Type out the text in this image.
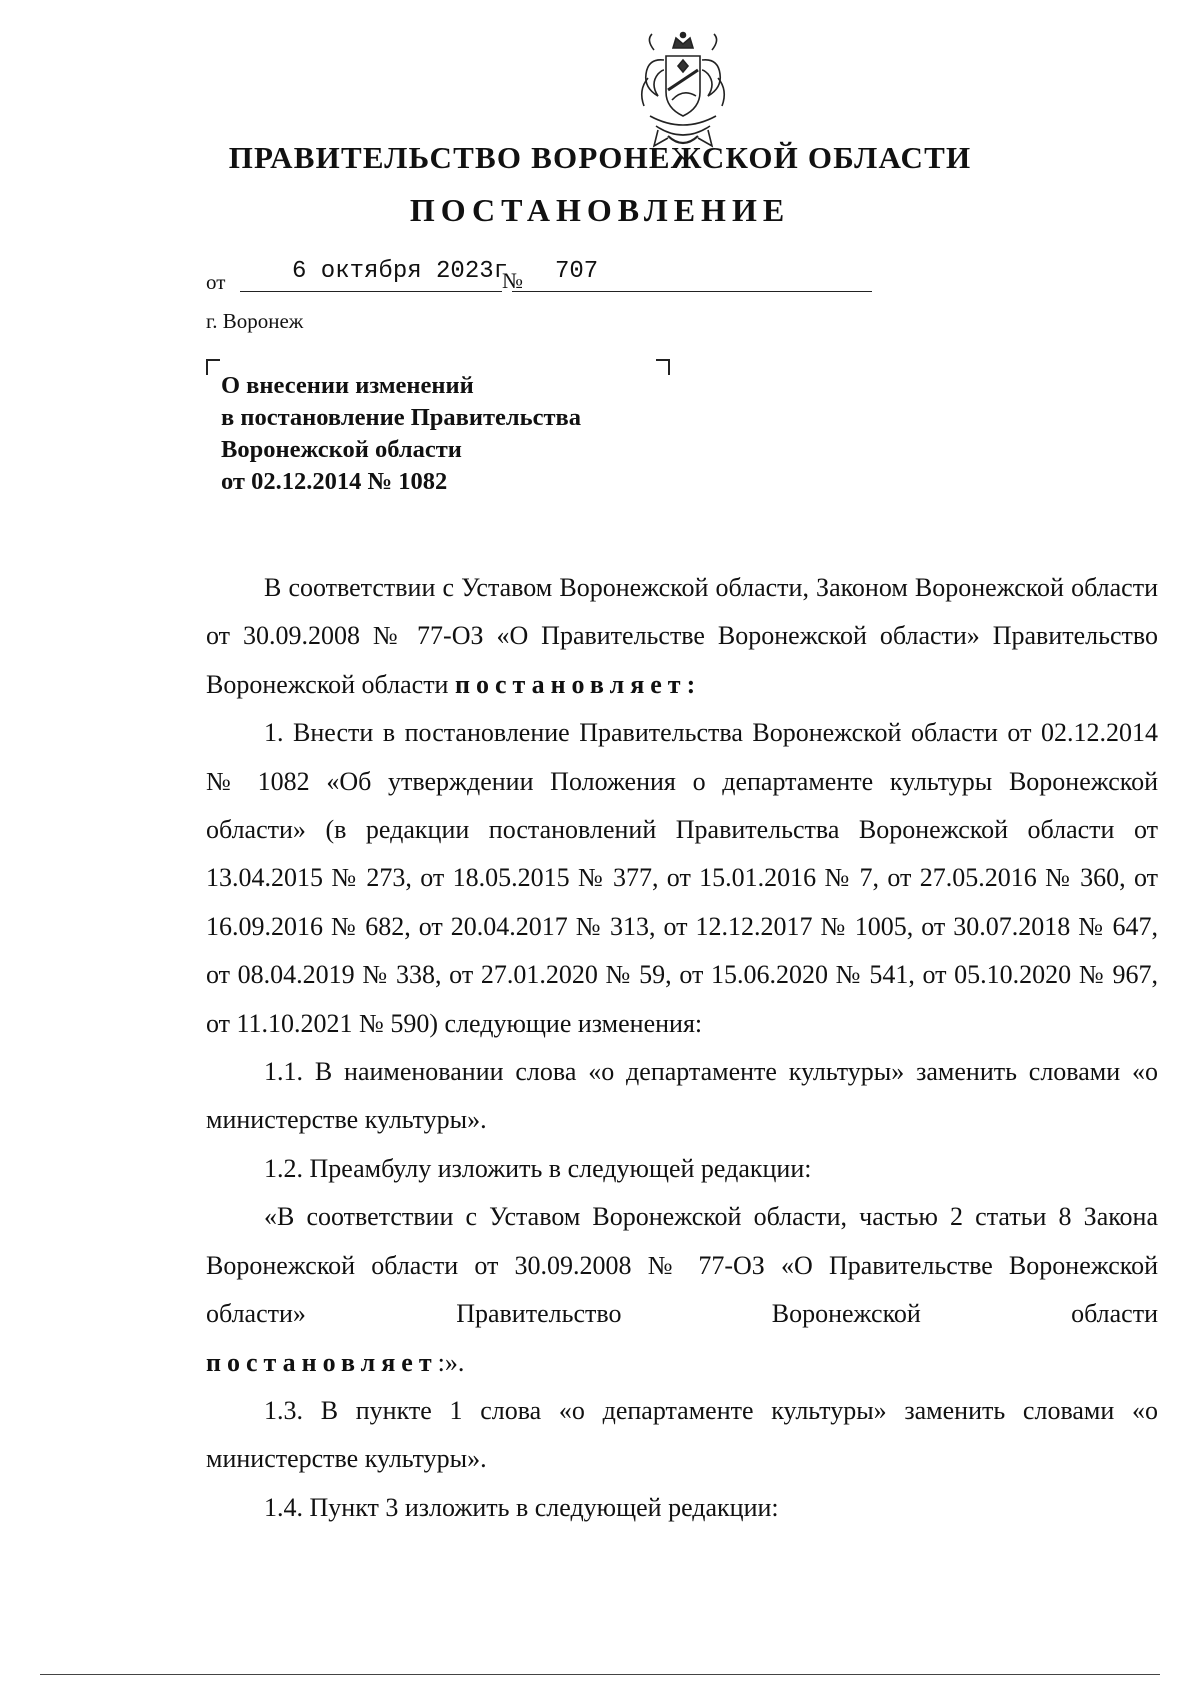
ПРАВИТЕЛЬСТВО ВОРОНЕЖСКОЙ ОБЛАСТИ
ПОСТАНОВЛЕНИЕ
от	6 октября 2023г
№ 707
г. Воронеж
О внесении изменений
в постановление Правительства
Воронежской области
от 02.12.2014 № 1082

В соответствии с Уставом Воронежской области, Законом Воронежской области от 30.09.2008 № 77-ОЗ «О Правительстве Воронежской области» Правительство Воронежской области постановляет:

1. Внести в постановление Правительства Воронежской области от 02.12.2014 № 1082 «Об утверждении Положения о департаменте культуры Воронежской области» (в редакции постановлений Правительства Воронежской области от 13.04.2015 № 273, от 18.05.2015 № 377, от 15.01.2016 № 7, от 27.05.2016 № 360, от 16.09.2016 № 682, от 20.04.2017 № 313, от 12.12.2017 № 1005, от 30.07.2018 № 647, от 08.04.2019 № 338, от 27.01.2020 № 59, от 15.06.2020 № 541, от 05.10.2020 № 967, от 11.10.2021 № 590) следующие изменения:

1.1. В наименовании слова «о департаменте культуры» заменить словами «о министерстве культуры».

1.2. Преамбулу изложить в следующей редакции:

«В соответствии с Уставом Воронежской области, частью 2 статьи 8 Закона Воронежской области от 30.09.2008 № 77-ОЗ «О Правительстве Воронежской области» Правительство Воронежской области

постановляет:».

1.3. В пункте 1 слова «о департаменте культуры» заменить словами «о министерстве культуры».

1.4. Пункт 3 изложить в следующей редакции:
